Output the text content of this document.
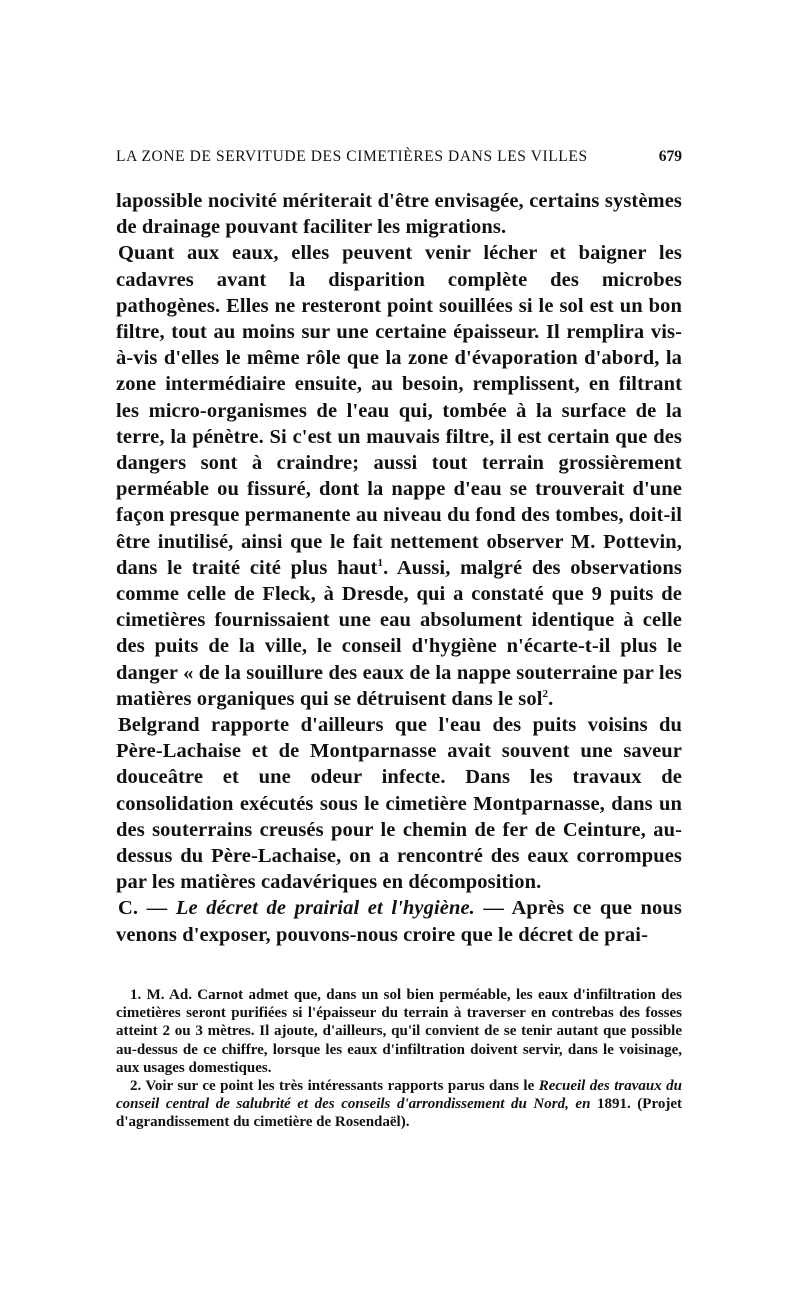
LA ZONE DE SERVITUDE DES CIMETIÈRES DANS LES VILLES	679

lapossible nocivité mériterait d'être envisagée, certains systèmes de drainage pouvant faciliter les migrations.

Quant aux eaux, elles peuvent venir lécher et baigner les cadavres avant la disparition complète des microbes pathogènes. Elles ne resteront point souillées si le sol est un bon filtre, tout au moins sur une certaine épaisseur. Il remplira vis-à-vis d'elles le même rôle que la zone d'évaporation d'abord, la zone intermédiaire ensuite, au besoin, remplissent, en filtrant les micro-organismes de l'eau qui, tombée à la surface de la terre, la pénètre. Si c'est un mauvais filtre, il est certain que des dangers sont à craindre; aussi tout terrain grossièrement perméable ou fissuré, dont la nappe d'eau se trouverait d'une façon presque permanente au niveau du fond des tombes, doit-il être inutilisé, ainsi que le fait nettement observer M. Pottevin, dans le traité cité plus haut$^1$. Aussi, malgré des observations comme celle de Fleck, à Dresde, qui a constaté que 9 puits de cimetières fournissaient une eau absolument identique à celle des puits de la ville, le conseil d'hygiène n'écarte-t-il plus le danger « de la souillure des eaux de la nappe souterraine par les matières organiques qui se détruisent dans le sol$^2$.

Belgrand rapporte d'ailleurs que l'eau des puits voisins du Père-Lachaise et de Montparnasse avait souvent une saveur douceâtre et une odeur infecte. Dans les travaux de consolidation exécutés sous le cimetière Montparnasse, dans un des souterrains creusés pour le chemin de fer de Ceinture, au-dessus du Père-Lachaise, on a rencontré des eaux corrompues par les matières cadavériques en décomposition.

C. — Le décret de prairial et l'hygiène. — Après ce que nous venons d'exposer, pouvons-nous croire que le décret de prai-

1. M. Ad. Carnot admet que, dans un sol bien perméable, les eaux d'infiltration des cimetières seront purifiées si l'épaisseur du terrain à traverser en contrebas des fosses atteint 2 ou 3 mètres. Il ajoute, d'ailleurs, qu'il convient de se tenir autant que possible au-dessus de ce chiffre, lorsque les eaux d'infiltration doivent servir, dans le voisinage, aux usages domestiques.

2. Voir sur ce point les très intéressants rapports parus dans le Recueil des travaux du conseil central de salubrité et des conseils d'arrondissement du Nord, en 1891. (Projet d'agrandissement du cimetière de Rosendaël).
